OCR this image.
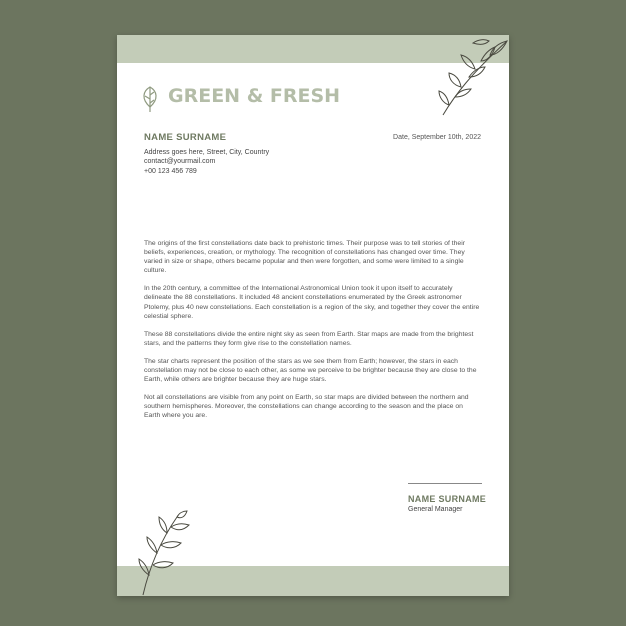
GREEN & FRESH
NAME SURNAME	Date, September 10th, 2022
Address goes here, Street, City, Country
contact@yourmail.com
+00 123 456 789

The origins of the first constellations date back to prehistoric times. Their purpose was to tell stories of their beliefs, experiences, creation, or mythology. The recognition of constellations has changed over time. They varied in size or shape, others became popular and then were forgotten, and some were limited to a single culture.

In the 20th century, a committee of the International Astronomical Union took it upon itself to accurately delineate the 88 constellations. It included 48 ancient constellations enumerated by the Greek astronomer Ptolemy, plus 40 new constellations. Each constellation is a region of the sky, and together they cover the entire celestial sphere.

These 88 constellations divide the entire night sky as seen from Earth. Star maps are made from the brightest stars, and the patterns they form give rise to the constellation names.

The star charts represent the position of the stars as we see them from Earth; however, the stars in each constellation may not be close to each other, as some we perceive to be brighter because they are close to the Earth, while others are brighter because they are huge stars.

Not all constellations are visible from any point on Earth, so star maps are divided between the northern and southern hemispheres. Moreover, the constellations can change according to the season and the place on Earth where you are.

NAME SURNAME
General Manager
